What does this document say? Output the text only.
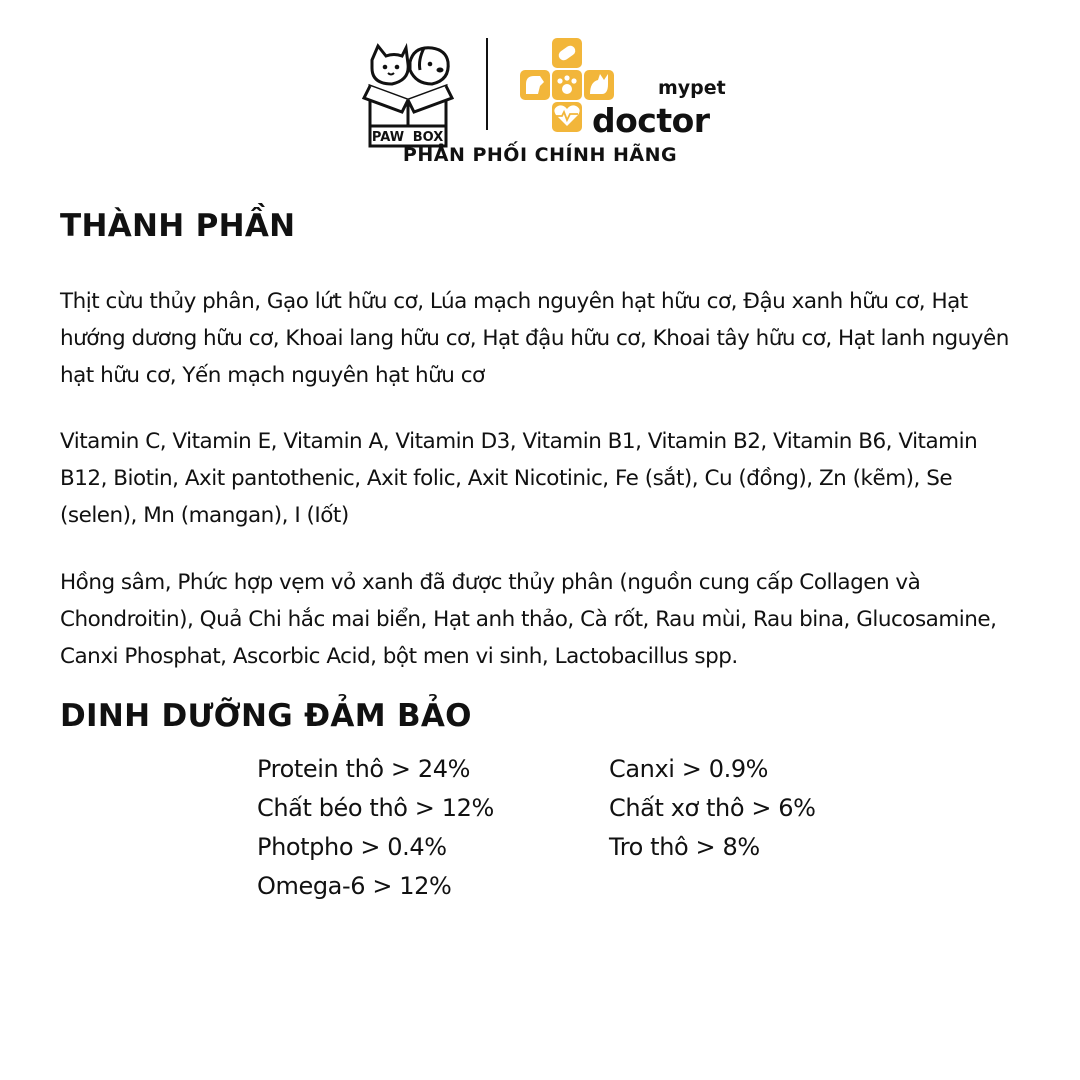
PAW BOX
mypet
doctor
PHÂN PHỐI CHÍNH HÃNG
THÀNH PHẦN

Thịt cừu thủy phân, Gạo lứt hữu cơ, Lúa mạch nguyên hạt hữu cơ, Đậu xanh hữu cơ, Hạt hướng dương hữu cơ, Khoai lang hữu cơ, Hạt đậu hữu cơ, Khoai tây hữu cơ, Hạt lanh nguyên hạt hữu cơ, Yến mạch nguyên hạt hữu cơ

Vitamin C, Vitamin E, Vitamin A, Vitamin D3, Vitamin B1, Vitamin B2, Vitamin B6, Vitamin B12, Biotin, Axit pantothenic, Axit folic, Axit Nicotinic, Fe (sắt), Cu (đồng), Zn (kẽm), Se (selen), Mn (mangan), I (Iốt)

Hồng sâm, Phức hợp vẹm vỏ xanh đã được thủy phân (nguồn cung cấp Collagen và Chondroitin), Quả Chi hắc mai biển, Hạt anh thảo, Cà rốt, Rau mùi, Rau bina, Glucosamine, Canxi Phosphat, Ascorbic Acid, bột men vi sinh, Lactobacillus spp.

DINH DƯỠNG ĐẢM BẢO
Protein thô > 24%
Chất béo thô > 12%
Photpho > 0.4%
Omega-6 > 12%
Canxi > 0.9%
Chất xơ thô > 6%
Tro thô > 8%
